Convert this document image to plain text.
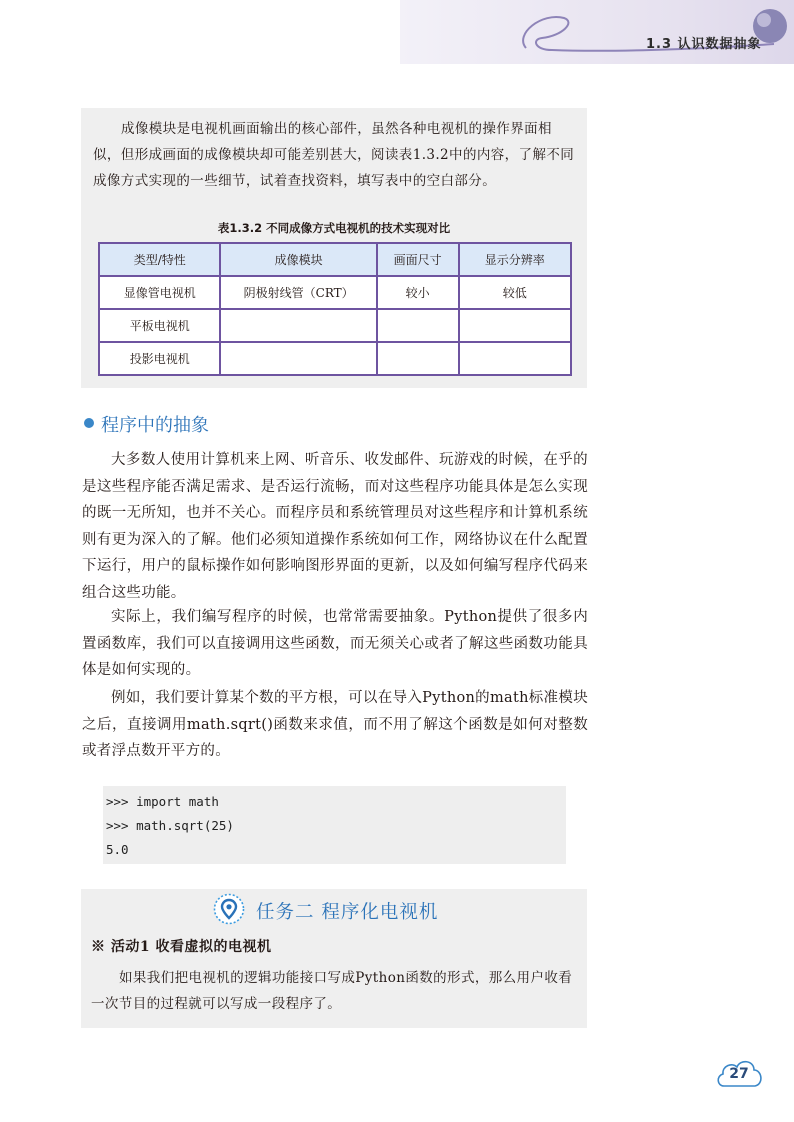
1.3 认识数据抽象

成像模块是电视机画面输出的核心部件，虽然各种电视机的操作界面相似，但形成画面的成像模块却可能差别甚大，阅读表1.3.2中的内容，了解不同成像方式实现的一些细节，试着查找资料，填写表中的空白部分。

表1.3.2 不同成像方式电视机的技术实现对比
类型/特性	成像模块	画面尺寸	显示分辨率
显像管电视机	阴极射线管（CRT）	较小	较低
平板电视机			
投影电视机			
程序中的抽象

大多数人使用计算机来上网、听音乐、收发邮件、玩游戏的时候，在乎的是这些程序能否满足需求、是否运行流畅，而对这些程序功能具体是怎么实现的既一无所知，也并不关心。而程序员和系统管理员对这些程序和计算机系统则有更为深入的了解。他们必须知道操作系统如何工作，网络协议在什么配置下运行，用户的鼠标操作如何影响图形界面的更新，以及如何编写程序代码来组合这些功能。

实际上，我们编写程序的时候，也常常需要抽象。Python提供了很多内置函数库，我们可以直接调用这些函数，而无须关心或者了解这些函数功能具体是如何实现的。

例如，我们要计算某个数的平方根，可以在导入Python的math标准模块之后，直接调用math.sqrt()函数来求值，而不用了解这个函数是如何对整数或者浮点数开平方的。

>>> import math
>>> math.sqrt(25)
5.0
任务二 程序化电视机
※ 活动1 收看虚拟的电视机

如果我们把电视机的逻辑功能接口写成Python函数的形式，那么用户收看一次节目的过程就可以写成一段程序了。

27
